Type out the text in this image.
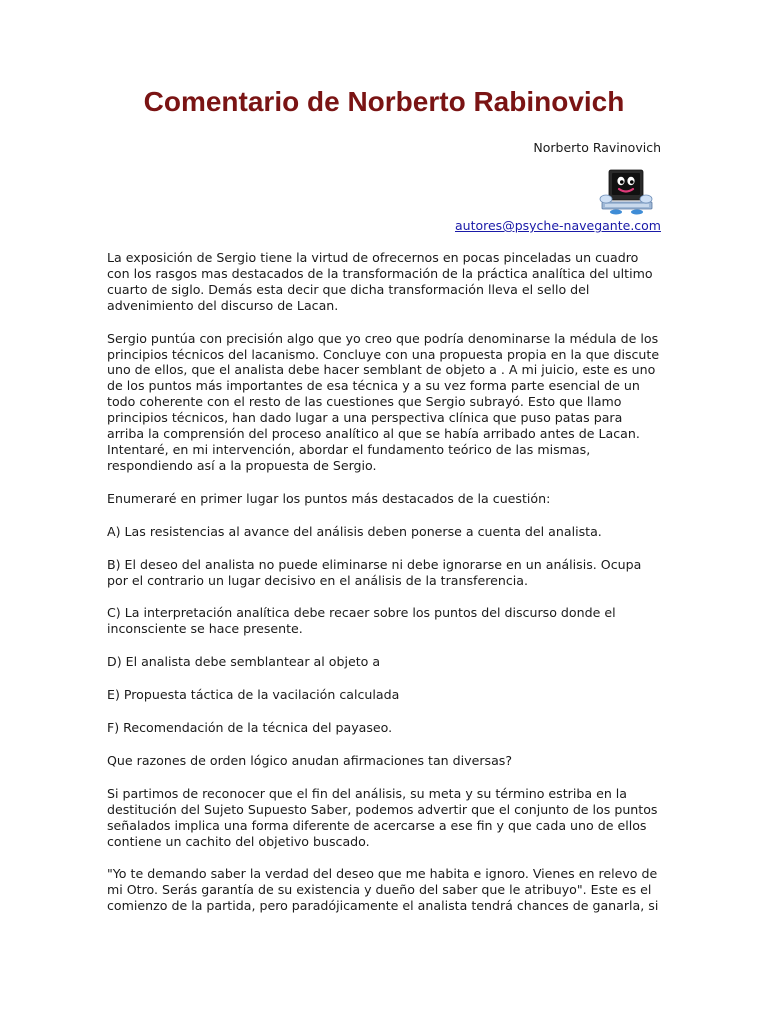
Comentario de Norberto Rabinovich
Norberto Ravinovich
autores@psyche-navegante.com

La exposición de Sergio tiene la virtud de ofrecernos en pocas pinceladas un cuadro con los rasgos mas destacados de la transformación de la práctica analítica del ultimo cuarto de siglo. Demás esta decir que dicha transformación lleva el sello del advenimiento del discurso de Lacan.

Sergio puntúa con precisión algo que yo creo que podría denominarse la médula de los principios técnicos del lacanismo. Concluye con una propuesta propia en la que discute uno de ellos, que el analista debe hacer semblant de objeto a . A mi juicio, este es uno de los puntos más importantes de esa técnica y a su vez forma parte esencial de un todo coherente con el resto de las cuestiones que Sergio subrayó. Esto que llamo principios técnicos, han dado lugar a una perspectiva clínica que puso patas para arriba la comprensión del proceso analítico al que se había arribado antes de Lacan. Intentaré, en mi intervención, abordar el fundamento teórico de las mismas, respondiendo así a la propuesta de Sergio.

Enumeraré en primer lugar los puntos más destacados de la cuestión:

A) Las resistencias al avance del análisis deben ponerse a cuenta del analista.

B) El deseo del analista no puede eliminarse ni debe ignorarse en un análisis. Ocupa por el contrario un lugar decisivo en el análisis de la transferencia.

C) La interpretación analítica debe recaer sobre los puntos del discurso donde el inconsciente se hace presente.

D) El analista debe semblantear al objeto a

E) Propuesta táctica de la vacilación calculada

F) Recomendación de la técnica del payaseo.

Que razones de orden lógico anudan afirmaciones tan diversas?

Si partimos de reconocer que el fin del análisis, su meta y su término estriba en la destitución del Sujeto Supuesto Saber, podemos advertir que el conjunto de los puntos señalados implica una forma diferente de acercarse a ese fin y que cada uno de ellos contiene un cachito del objetivo buscado.

"Yo te demando saber la verdad del deseo que me habita e ignoro. Vienes en relevo de mi Otro. Serás garantía de su existencia y dueño del saber que le atribuyo". Este es el comienzo de la partida, pero paradójicamente el analista tendrá chances de ganarla, si
